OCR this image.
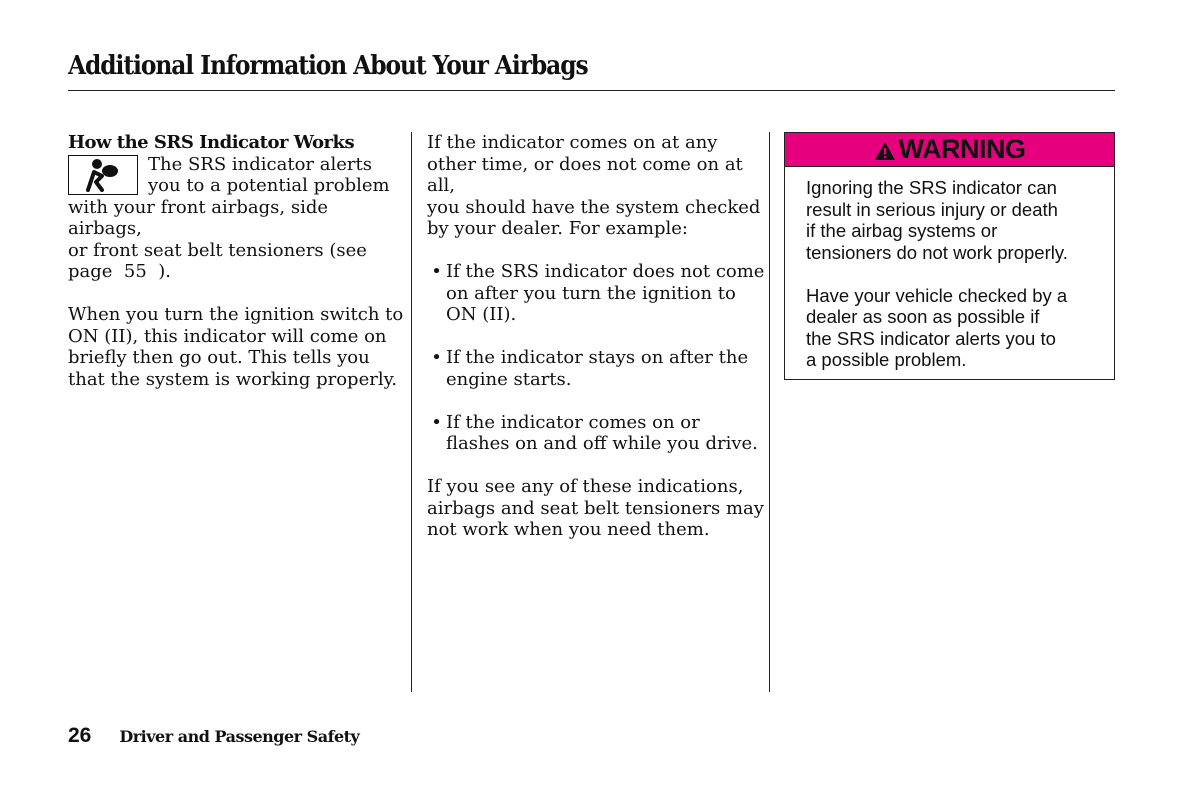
Additional Information About Your Airbags

How the SRS Indicator Works

The SRS indicator alerts

you to a potential problem

with your front airbags, side airbags,

or front seat belt tensioners (see

page  55  ).

When you turn the ignition switch to

ON (II), this indicator will come on

briefly then go out. This tells you

that the system is working properly.

If the indicator comes on at any

other time, or does not come on at all,

you should have the system checked

by your dealer. For example:

• If the SRS indicator does not come

on after you turn the ignition to

ON (II).

• If the indicator stays on after the

engine starts.

• If the indicator comes on or

flashes on and off while you drive.

If you see any of these indications,

airbags and seat belt tensioners may

not work when you need them.

WARNING

Ignoring the SRS indicator can

result in serious injury or death

if the airbag systems or

tensioners do not work properly.

Have your vehicle checked by a

dealer as soon as possible if

the SRS indicator alerts you to

a possible problem.

26 Driver and Passenger Safety
